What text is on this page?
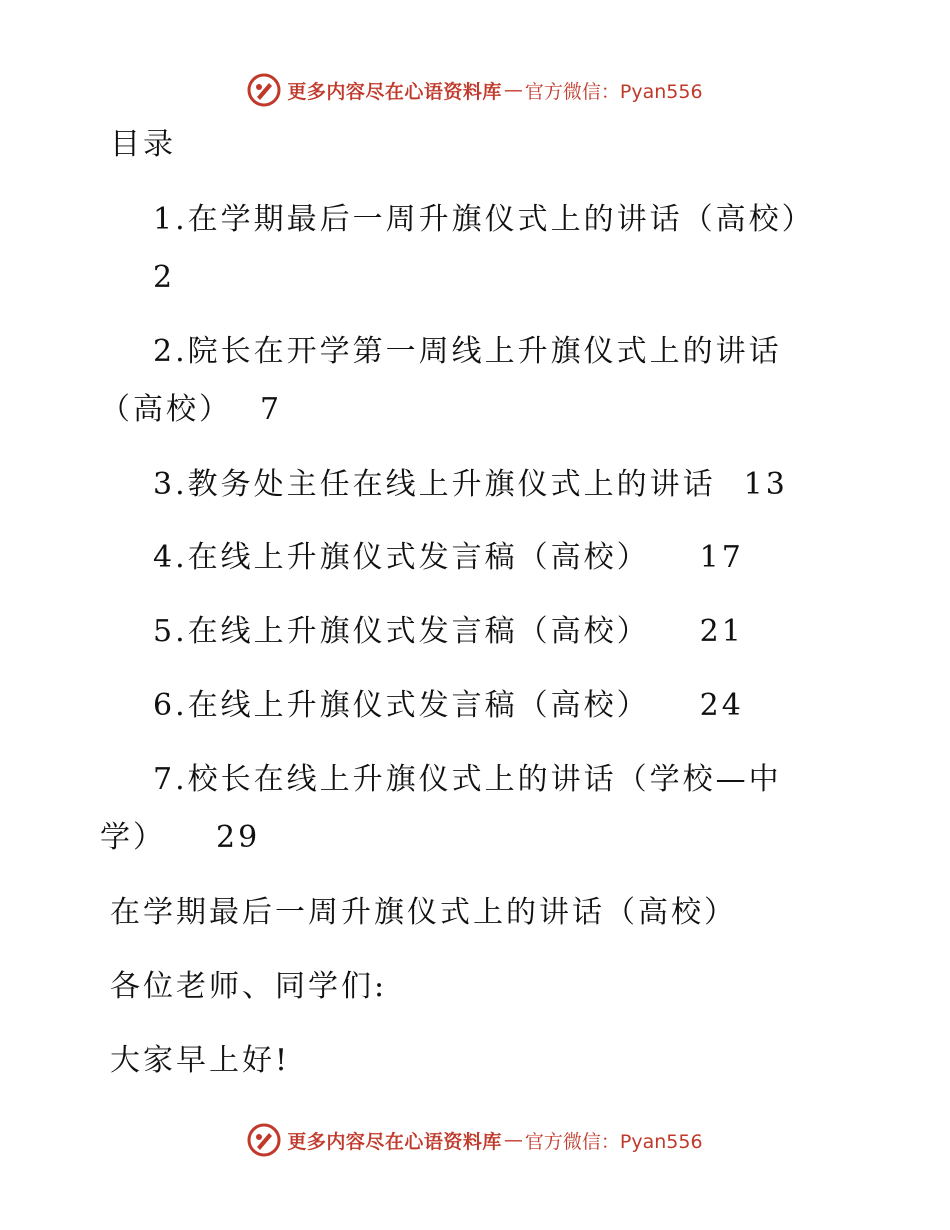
更多内容尽在心语资料库 — 官方微信：Pyan556
目录
1.在学期最后一周升旗仪式上的讲话（高校）
2
2.院长在开学第一周线上升旗仪式上的讲话
（高校） 7
3.教务处主任在线上升旗仪式上的讲话 13
4.在线上升旗仪式发言稿（高校） 17
5.在线上升旗仪式发言稿（高校） 21
6.在线上升旗仪式发言稿（高校） 24
7.校长在线上升旗仪式上的讲话（学校—中
学） 29
在学期最后一周升旗仪式上的讲话（高校）
各位老师、同学们:
大家早上好!
更多内容尽在心语资料库 — 官方微信：Pyan556
